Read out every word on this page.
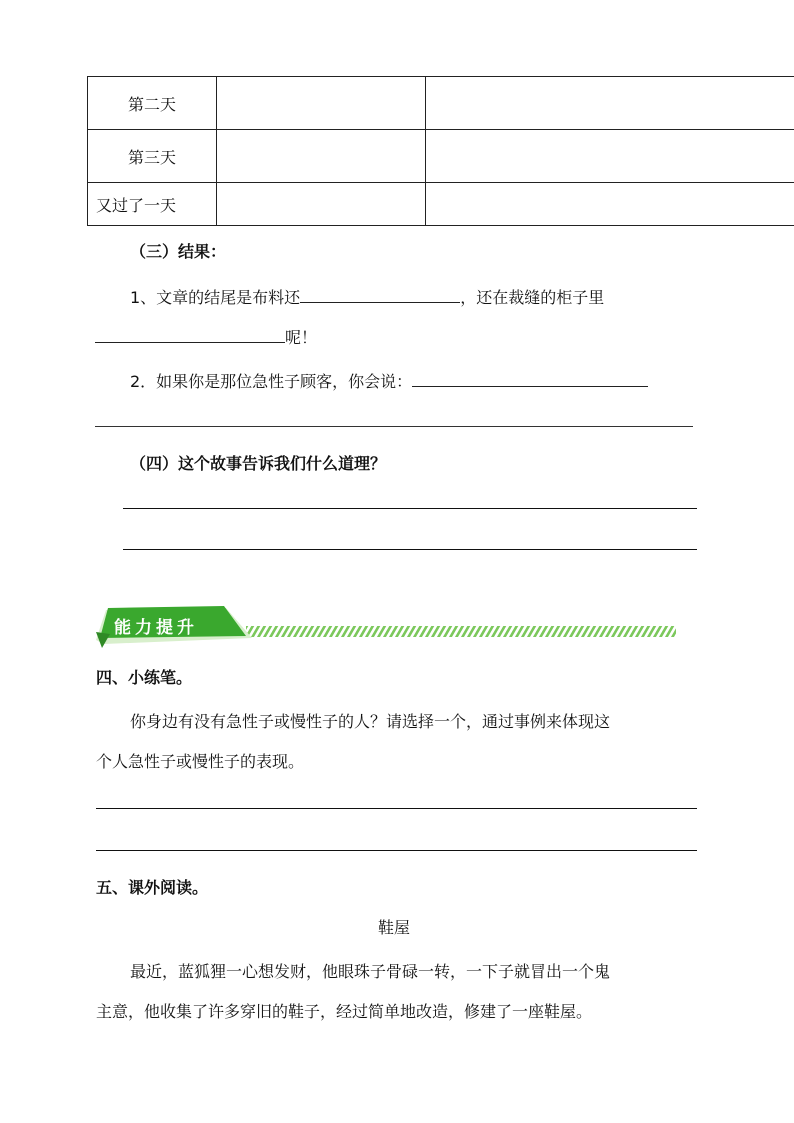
第二天		
第三天		
又过了一天		
（三）结果：
1、文章的结尾是布料还	，还在裁缝的柜子里
呢！
2．如果你是那位急性子顾客，你会说：
（四）这个故事告诉我们什么道理？
能力提升
四、小练笔。
你身边有没有急性子或慢性子的人？请选择一个，通过事例来体现这
个人急性子或慢性子的表现。
五、课外阅读。
鞋屋
最近，蓝狐狸一心想发财，他眼珠子骨碌一转，一下子就冒出一个鬼
主意，他收集了许多穿旧的鞋子，经过简单地改造，修建了一座鞋屋。
